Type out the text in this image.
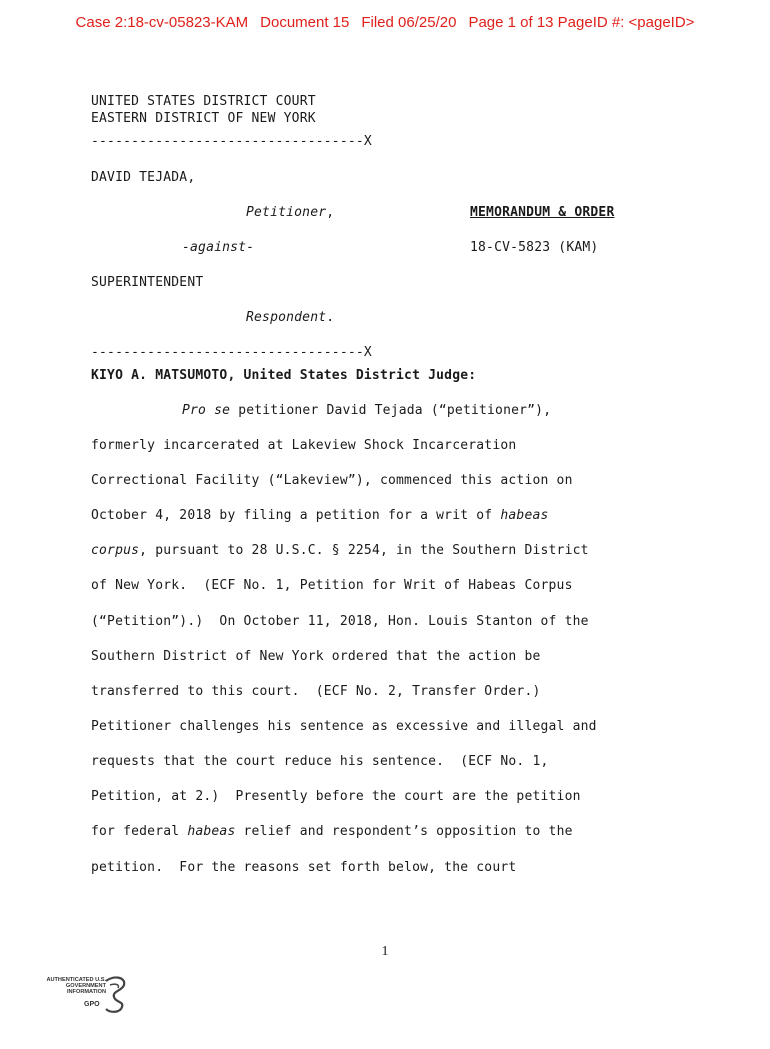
Case 2:18-cv-05823-KAM Document 15 Filed 06/25/20 Page 1 of 13 PageID #: <pageID>
UNITED STATES DISTRICT COURT
EASTERN DISTRICT OF NEW YORK
----------------------------------X
DAVID TEJADA,
Petitioner,	MEMORANDUM & ORDER
-against-	18-CV-5823 (KAM)
SUPERINTENDENT
Respondent.
----------------------------------X
KIYO A. MATSUMOTO, United States District Judge:
Pro se petitioner David Tejada (“petitioner”),
formerly incarcerated at Lakeview Shock Incarceration
Correctional Facility (“Lakeview”), commenced this action on
October 4, 2018 by filing a petition for a writ of habeas
corpus, pursuant to 28 U.S.C. § 2254, in the Southern District
of New York.  (ECF No. 1, Petition for Writ of Habeas Corpus
(“Petition”).)  On October 11, 2018, Hon. Louis Stanton of the
Southern District of New York ordered that the action be
transferred to this court.  (ECF No. 2, Transfer Order.)
Petitioner challenges his sentence as excessive and illegal and
requests that the court reduce his sentence.  (ECF No. 1,
Petition, at 2.)  Presently before the court are the petition
for federal habeas relief and respondent’s opposition to the
petition.  For the reasons set forth below, the court
1

AUTHENTICATED U.S. GOVERNMENT INFORMATION

GPO
